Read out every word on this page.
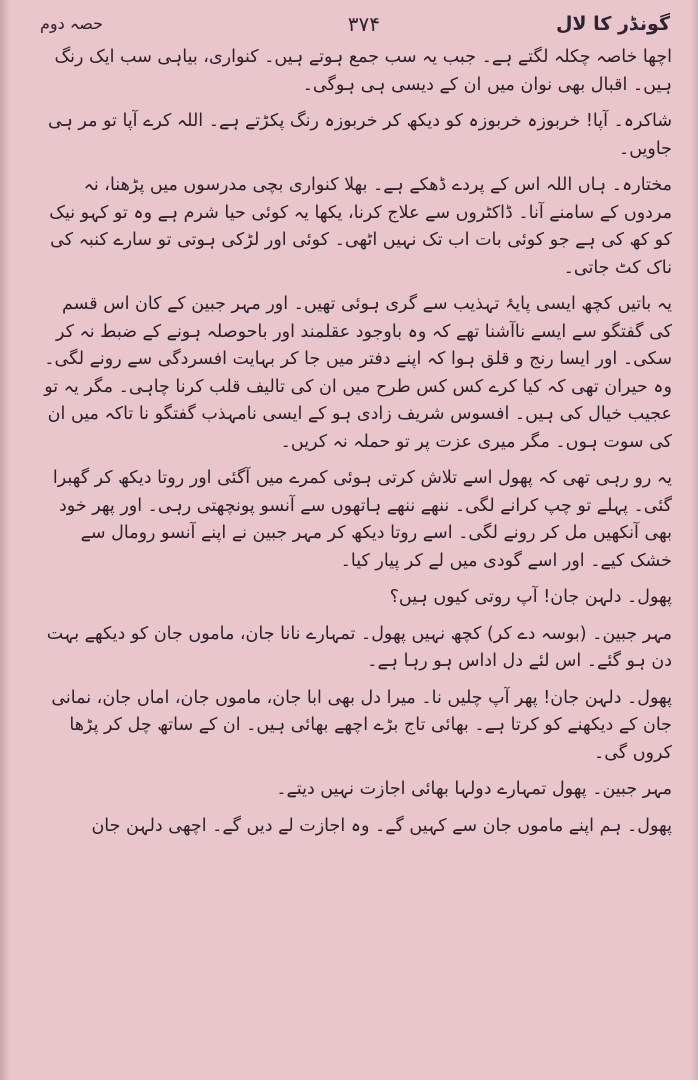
گونڈر کا لال
۳۷۴
حصہ دوم

اچھا خاصہ چکلہ لگتے ہے۔ جبب یہ سب جمع ہوتے ہیں۔ کنواری، بیاہی سب ایک رنگ ہیں۔ اقبال بھی نوان میں ان کے دیسی ہی ہوگی۔

شاکرہ۔ آپا! خربوزہ خربوزہ کو دیکھ کر خربوزہ رنگ پکڑتے ہے۔ اللہ کرے آپا تو مر ہی جاویں۔

مختارہ۔ ہاں اللہ اس کے پردے ڈھکے ہے۔ بھلا کنواری بچی مدرسوں میں پڑھنا، نہ مردوں کے سامنے آنا۔ ڈاکٹروں سے علاج کرنا، یکھا یہ کوئی حیا شرم ہے وہ تو کہو نیک کو کھ کی ہے جو کوئی بات اب تک نہیں اٹھی۔ کوئی اور لڑکی ہوتی تو سارے کنبہ کی ناک کٹ جاتی۔

یہ باتیں کچھ ایسی پایۂ تہذیب سے گری ہوئی تھیں۔ اور مہر جبین کے کان اس قسم کی گفتگو سے ایسے ناآشنا تھے کہ وہ باوجود عقلمند اور باحوصلہ ہونے کے ضبط نہ کر سکی۔ اور ایسا رنج و قلق ہوا کہ اپنے دفتر میں جا کر بہایت افسردگی سے رونے لگی۔ وہ حیران تھی کہ کیا کرے کس کس طرح میں ان کی تالیف قلب کرنا چاہی۔ مگر یہ تو عجیب خیال کی ہیں۔ افسوس شریف زادی ہو کے ایسی نامہذب گفتگو نا تاکہ میں ان کی سوت ہوں۔ مگر میری عزت پر تو حملہ نہ کریں۔

یہ رو رہی تھی کہ پھول اسے تلاش کرتی ہوئی کمرے میں آگئی اور روتا دیکھ کر گھبرا گئی۔ پہلے تو چپ کرانے لگی۔ ننھے ننھے ہاتھوں سے آنسو پونچھتی رہی۔ اور پھر خود بھی آنکھیں مل کر رونے لگی۔ اسے روتا دیکھ کر مہر جبین نے اپنے آنسو رومال سے خشک کیے۔ اور اسے گودی میں لے کر پیار کیا۔

پھول۔ دلہن جان! آپ روتی کیوں ہیں؟

مہر جبین۔ (بوسہ دے کر) کچھ نہیں پھول۔ تمہارے نانا جان، ماموں جان کو دیکھے بہت دن ہو گئے۔ اس لئے دل اداس ہو رہا ہے۔

پھول۔ دلہن جان! پھر آپ چلیں نا۔ میرا دل بھی ابا جان، ماموں جان، اماں جان، نمانی جان کے دیکھنے کو کرتا ہے۔ بھائی تاج بڑے اچھے بھائی ہیں۔ ان کے ساتھ چل کر پڑھا کروں گی۔

مہر جبین۔ پھول تمہارے دولہا بھائی اجازت نہیں دیتے۔

پھول۔ ہم اپنے ماموں جان سے کہیں گے۔ وہ اجازت لے دیں گے۔ اچھی دلہن جان
